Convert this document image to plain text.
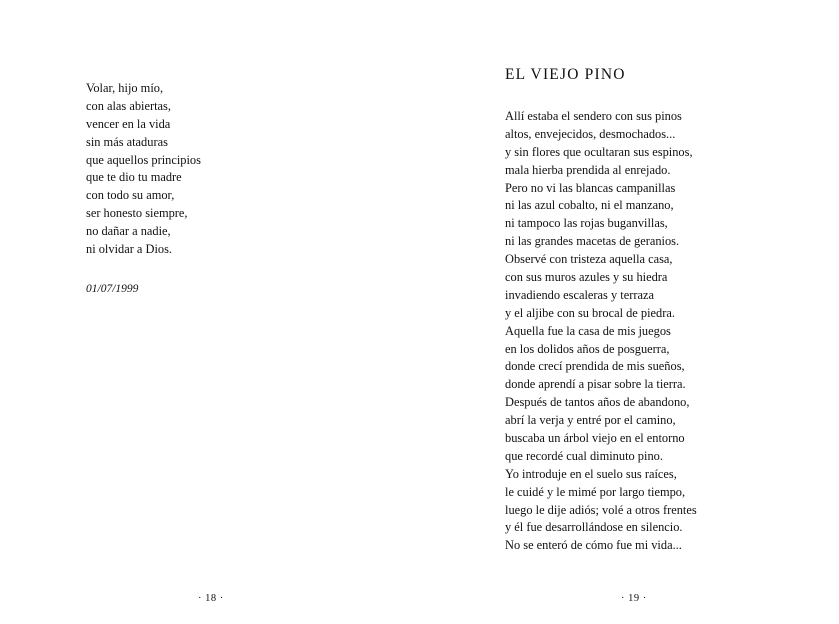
Volar, hijo mío,
con alas abiertas,
vencer en la vida
sin más ataduras
que aquellos principios
que te dio tu madre
con todo su amor,
ser honesto siempre,
no dañar a nadie,
ni olvidar a Dios.
01/07/1999
· 18 ·
EL VIEJO PINO
Allí estaba el sendero con sus pinos
altos, envejecidos, desmochados...
y sin flores que ocultaran sus espinos,
mala hierba prendida al enrejado.
Pero no vi las blancas campanillas
ni las azul cobalto, ni el manzano,
ni tampoco las rojas buganvillas,
ni las grandes macetas de geranios.
Observé con tristeza aquella casa,
con sus muros azules y su hiedra
invadiendo escaleras y terraza
y el aljibe con su brocal de piedra.
Aquella fue la casa de mis juegos
en los dolidos años de posguerra,
donde crecí prendida de mis sueños,
donde aprendí a pisar sobre la tierra.
Después de tantos años de abandono,
abrí la verja y entré por el camino,
buscaba un árbol viejo en el entorno
que recordé cual diminuto pino.
Yo introduje en el suelo sus raíces,
le cuidé y le mimé por largo tiempo,
luego le dije adiós; volé a otros frentes
y él fue desarrollándose en silencio.
No se enteró de cómo fue mi vida...
· 19 ·
